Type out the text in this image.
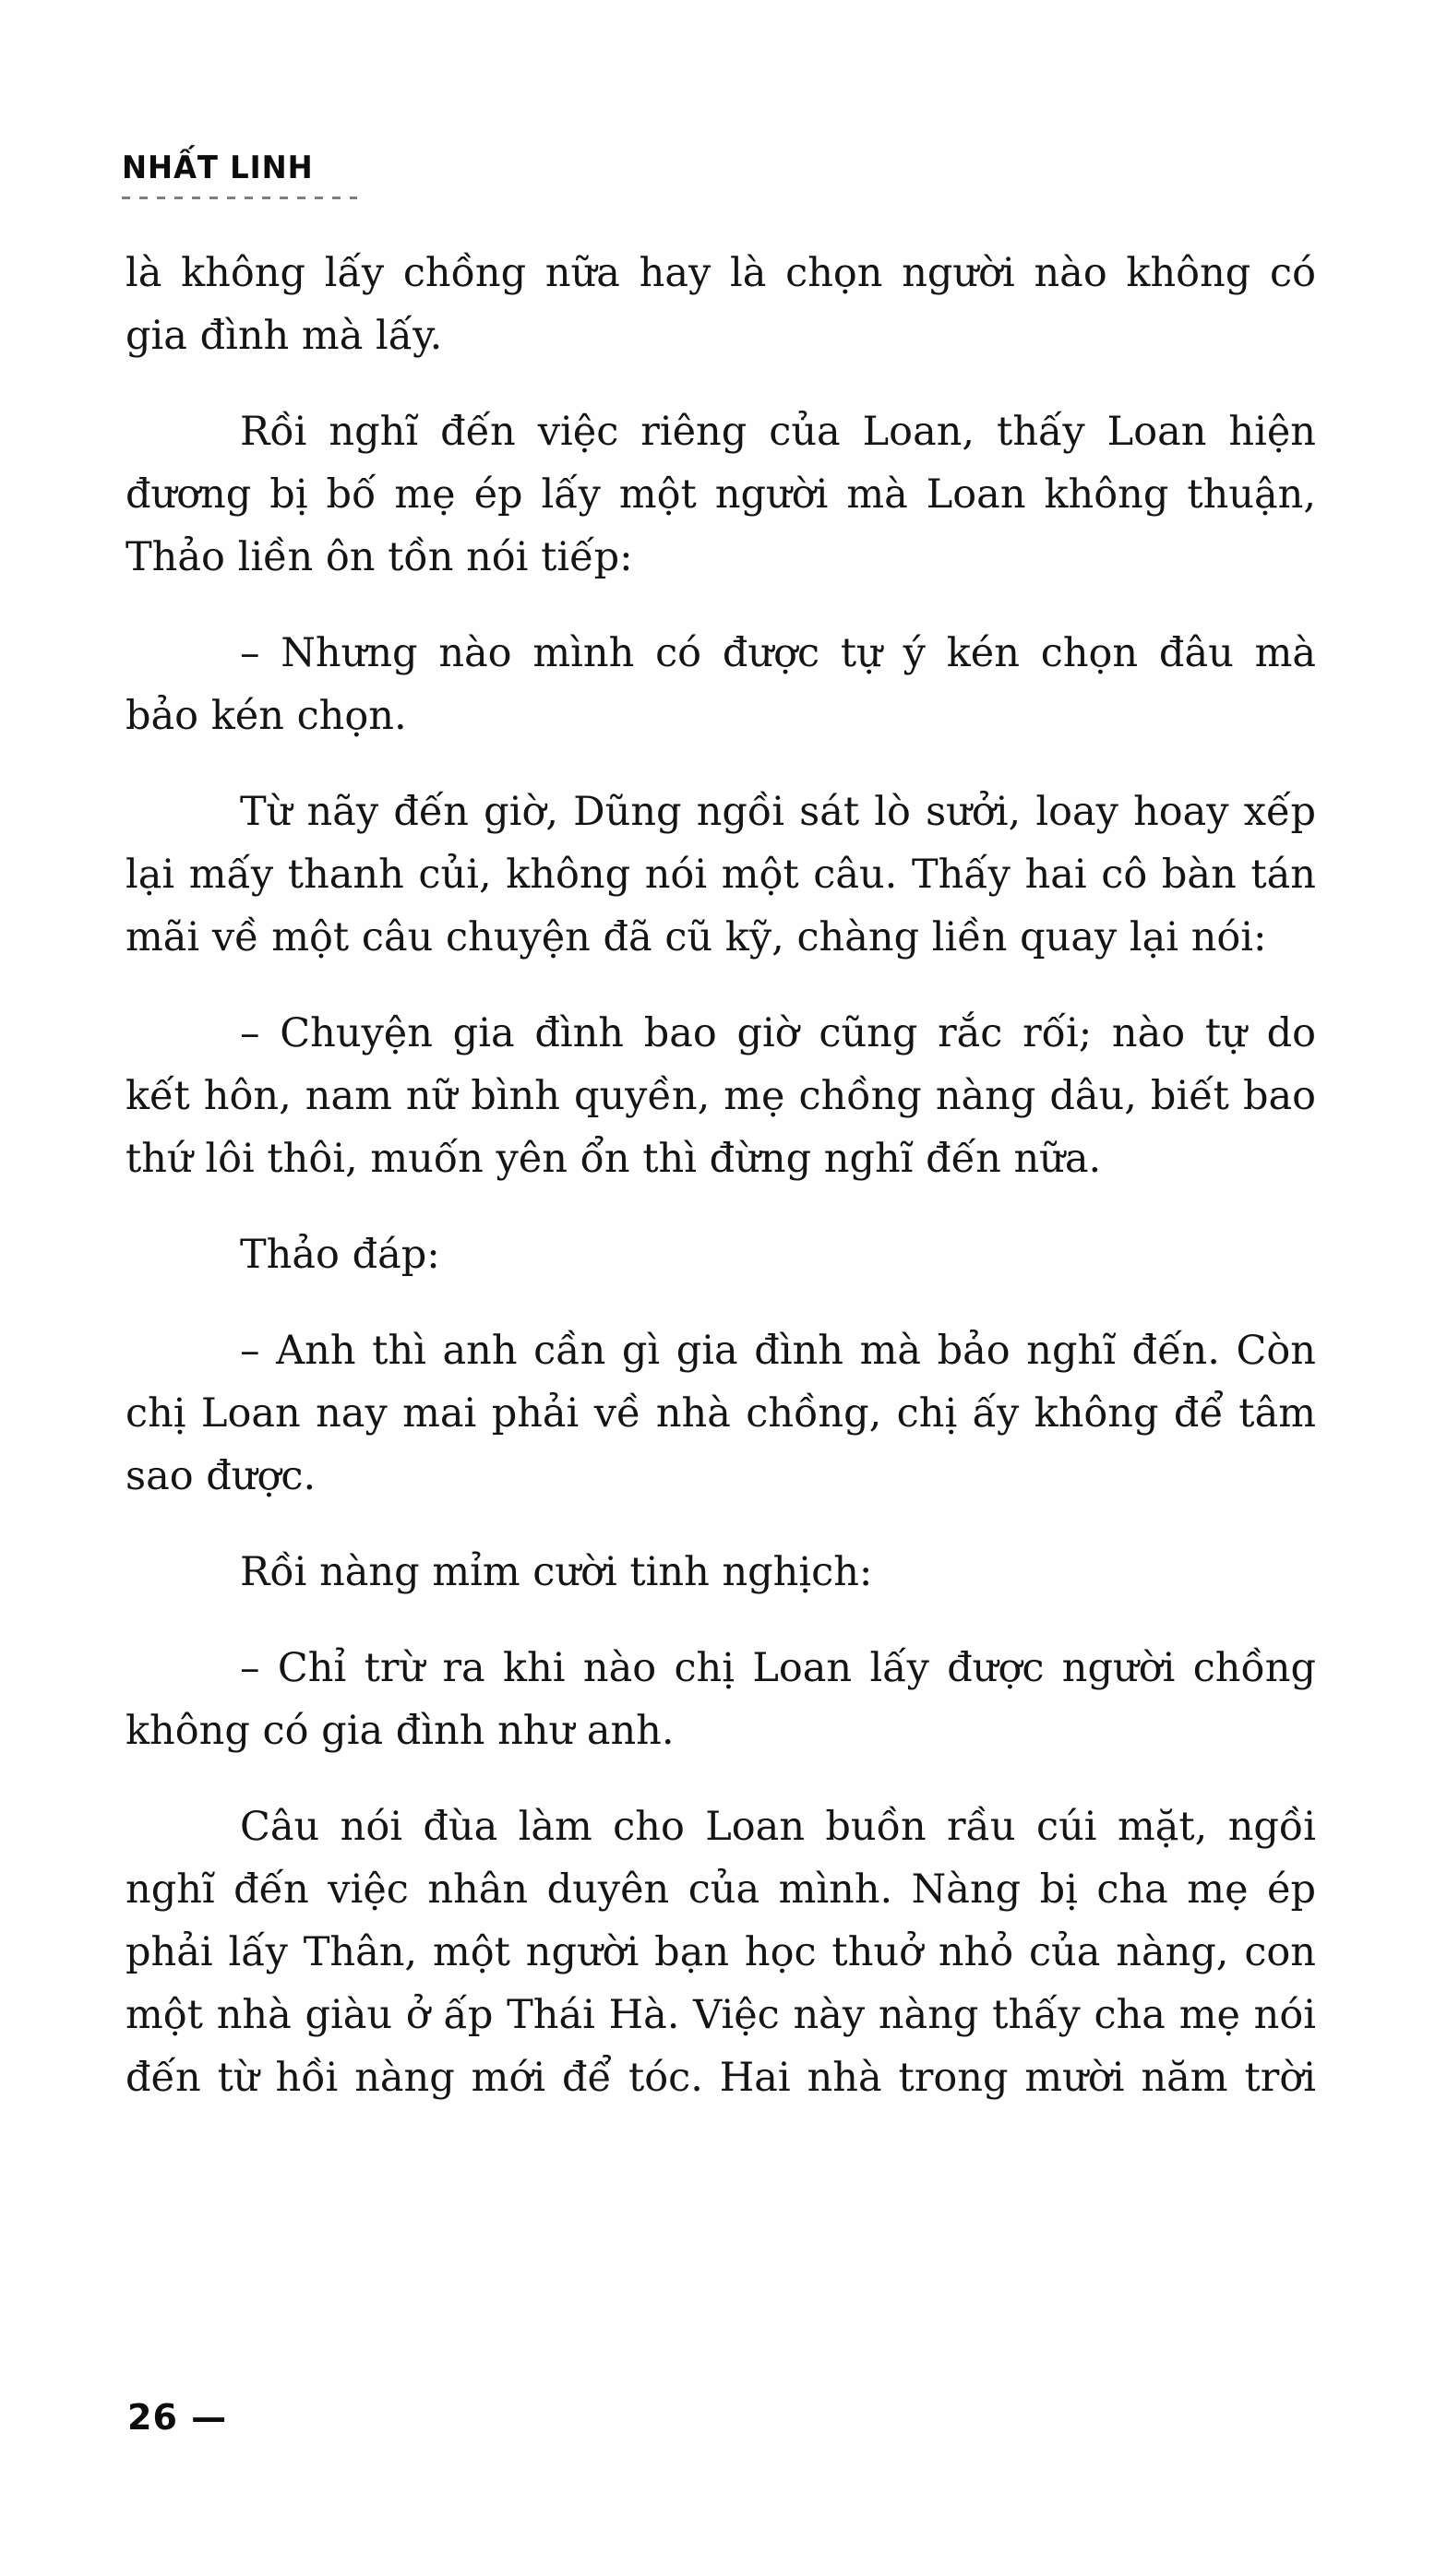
NHẤT LINH

là không lấy chồng nữa hay là chọn người nào không có
gia đình mà lấy.

Rồi nghĩ đến việc riêng của Loan, thấy Loan hiện
đương bị bố mẹ ép lấy một người mà Loan không thuận,
Thảo liền ôn tồn nói tiếp:

– Nhưng nào mình có được tự ý kén chọn đâu mà
bảo kén chọn.

Từ nãy đến giờ, Dũng ngồi sát lò sưởi, loay hoay xếp
lại mấy thanh củi, không nói một câu. Thấy hai cô bàn tán
mãi về một câu chuyện đã cũ kỹ, chàng liền quay lại nói:

– Chuyện gia đình bao giờ cũng rắc rối; nào tự do
kết hôn, nam nữ bình quyền, mẹ chồng nàng dâu, biết bao
thứ lôi thôi, muốn yên ổn thì đừng nghĩ đến nữa.

Thảo đáp:

– Anh thì anh cần gì gia đình mà bảo nghĩ đến. Còn
chị Loan nay mai phải về nhà chồng, chị ấy không để tâm
sao được.

Rồi nàng mỉm cười tinh nghịch:

– Chỉ trừ ra khi nào chị Loan lấy được người chồng
không có gia đình như anh.

Câu nói đùa làm cho Loan buồn rầu cúi mặt, ngồi
nghĩ đến việc nhân duyên của mình. Nàng bị cha mẹ ép
phải lấy Thân, một người bạn học thuở nhỏ của nàng, con
một nhà giàu ở ấp Thái Hà. Việc này nàng thấy cha mẹ nói
đến từ hồi nàng mới để tóc. Hai nhà trong mười năm trời

26 —
